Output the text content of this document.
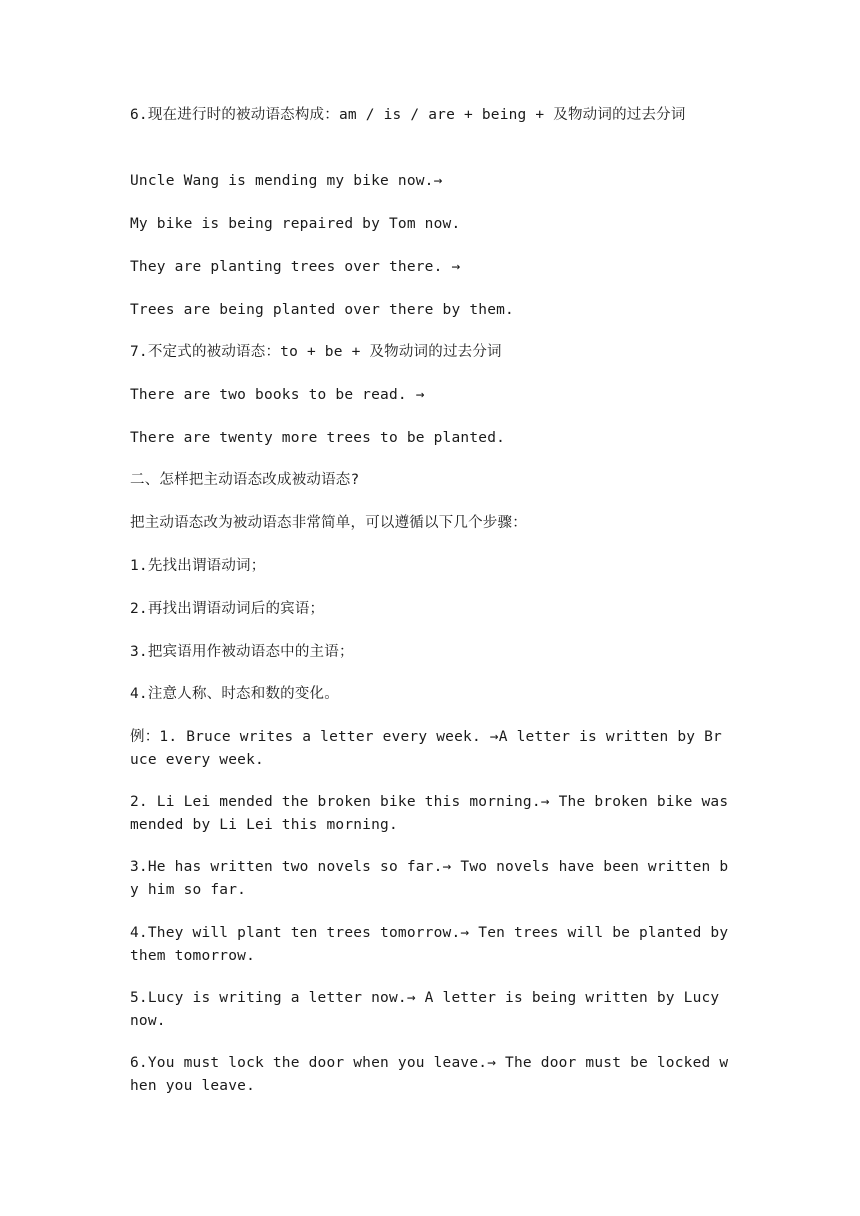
6.现在进行时的被动语态构成：am / is / are + being + 及物动词的过去分词
Uncle Wang is mending my bike now.→
My bike is being repaired by Tom now.
They are planting trees over there. →
Trees are being planted over there by them.
7.不定式的被动语态：to + be + 及物动词的过去分词
There are two books to be read. →
There are twenty more trees to be planted.
二、怎样把主动语态改成被动语态?
把主动语态改为被动语态非常简单，可以遵循以下几个步骤：
1.先找出谓语动词；
2.再找出谓语动词后的宾语；
3.把宾语用作被动语态中的主语；
4.注意人称、时态和数的变化。
例：1. Bruce writes a letter every week. →A letter is written by Bruce every week.
2. Li Lei mended the broken bike this morning.→ The broken bike was mended by Li Lei this morning.
3.He has written two novels so far.→ Two novels have been written by him so far.
4.They will plant ten trees tomorrow.→ Ten trees will be planted by them tomorrow.
5.Lucy is writing a letter now.→ A letter is being written by Lucy now.
6.You must lock the door when you leave.→ The door must be locked when you leave.
